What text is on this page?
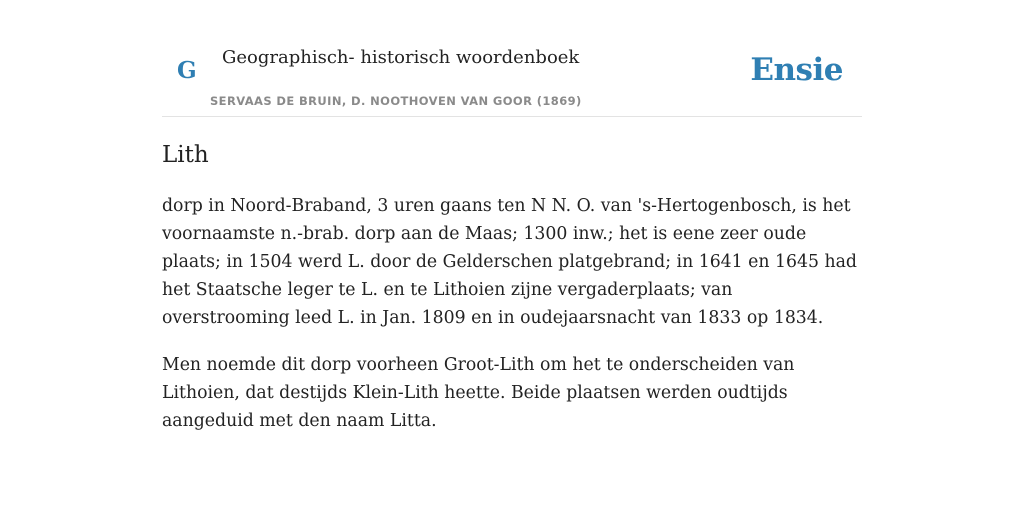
G Geographisch- historisch woordenboek
SERVAAS DE BRUIN, D. NOOTHOVEN VAN GOOR (1869)
Ensie
Lith

dorp in Noord-Braband, 3 uren gaans ten N N. O. van 's-Hertogenbosch, is het voornaamste n.-brab. dorp aan de Maas; 1300 inw.; het is eene zeer oude plaats; in 1504 werd L. door de Gelderschen platgebrand; in 1641 en 1645 had het Staatsche leger te L. en te Lithoien zijne vergaderplaats; van overstrooming leed L. in Jan. 1809 en in oudejaarsnacht van 1833 op 1834.

Men noemde dit dorp voorheen Groot-Lith om het te onderscheiden van Lithoien, dat destijds Klein-Lith heette. Beide plaatsen werden oudtijds aangeduid met den naam Litta.
